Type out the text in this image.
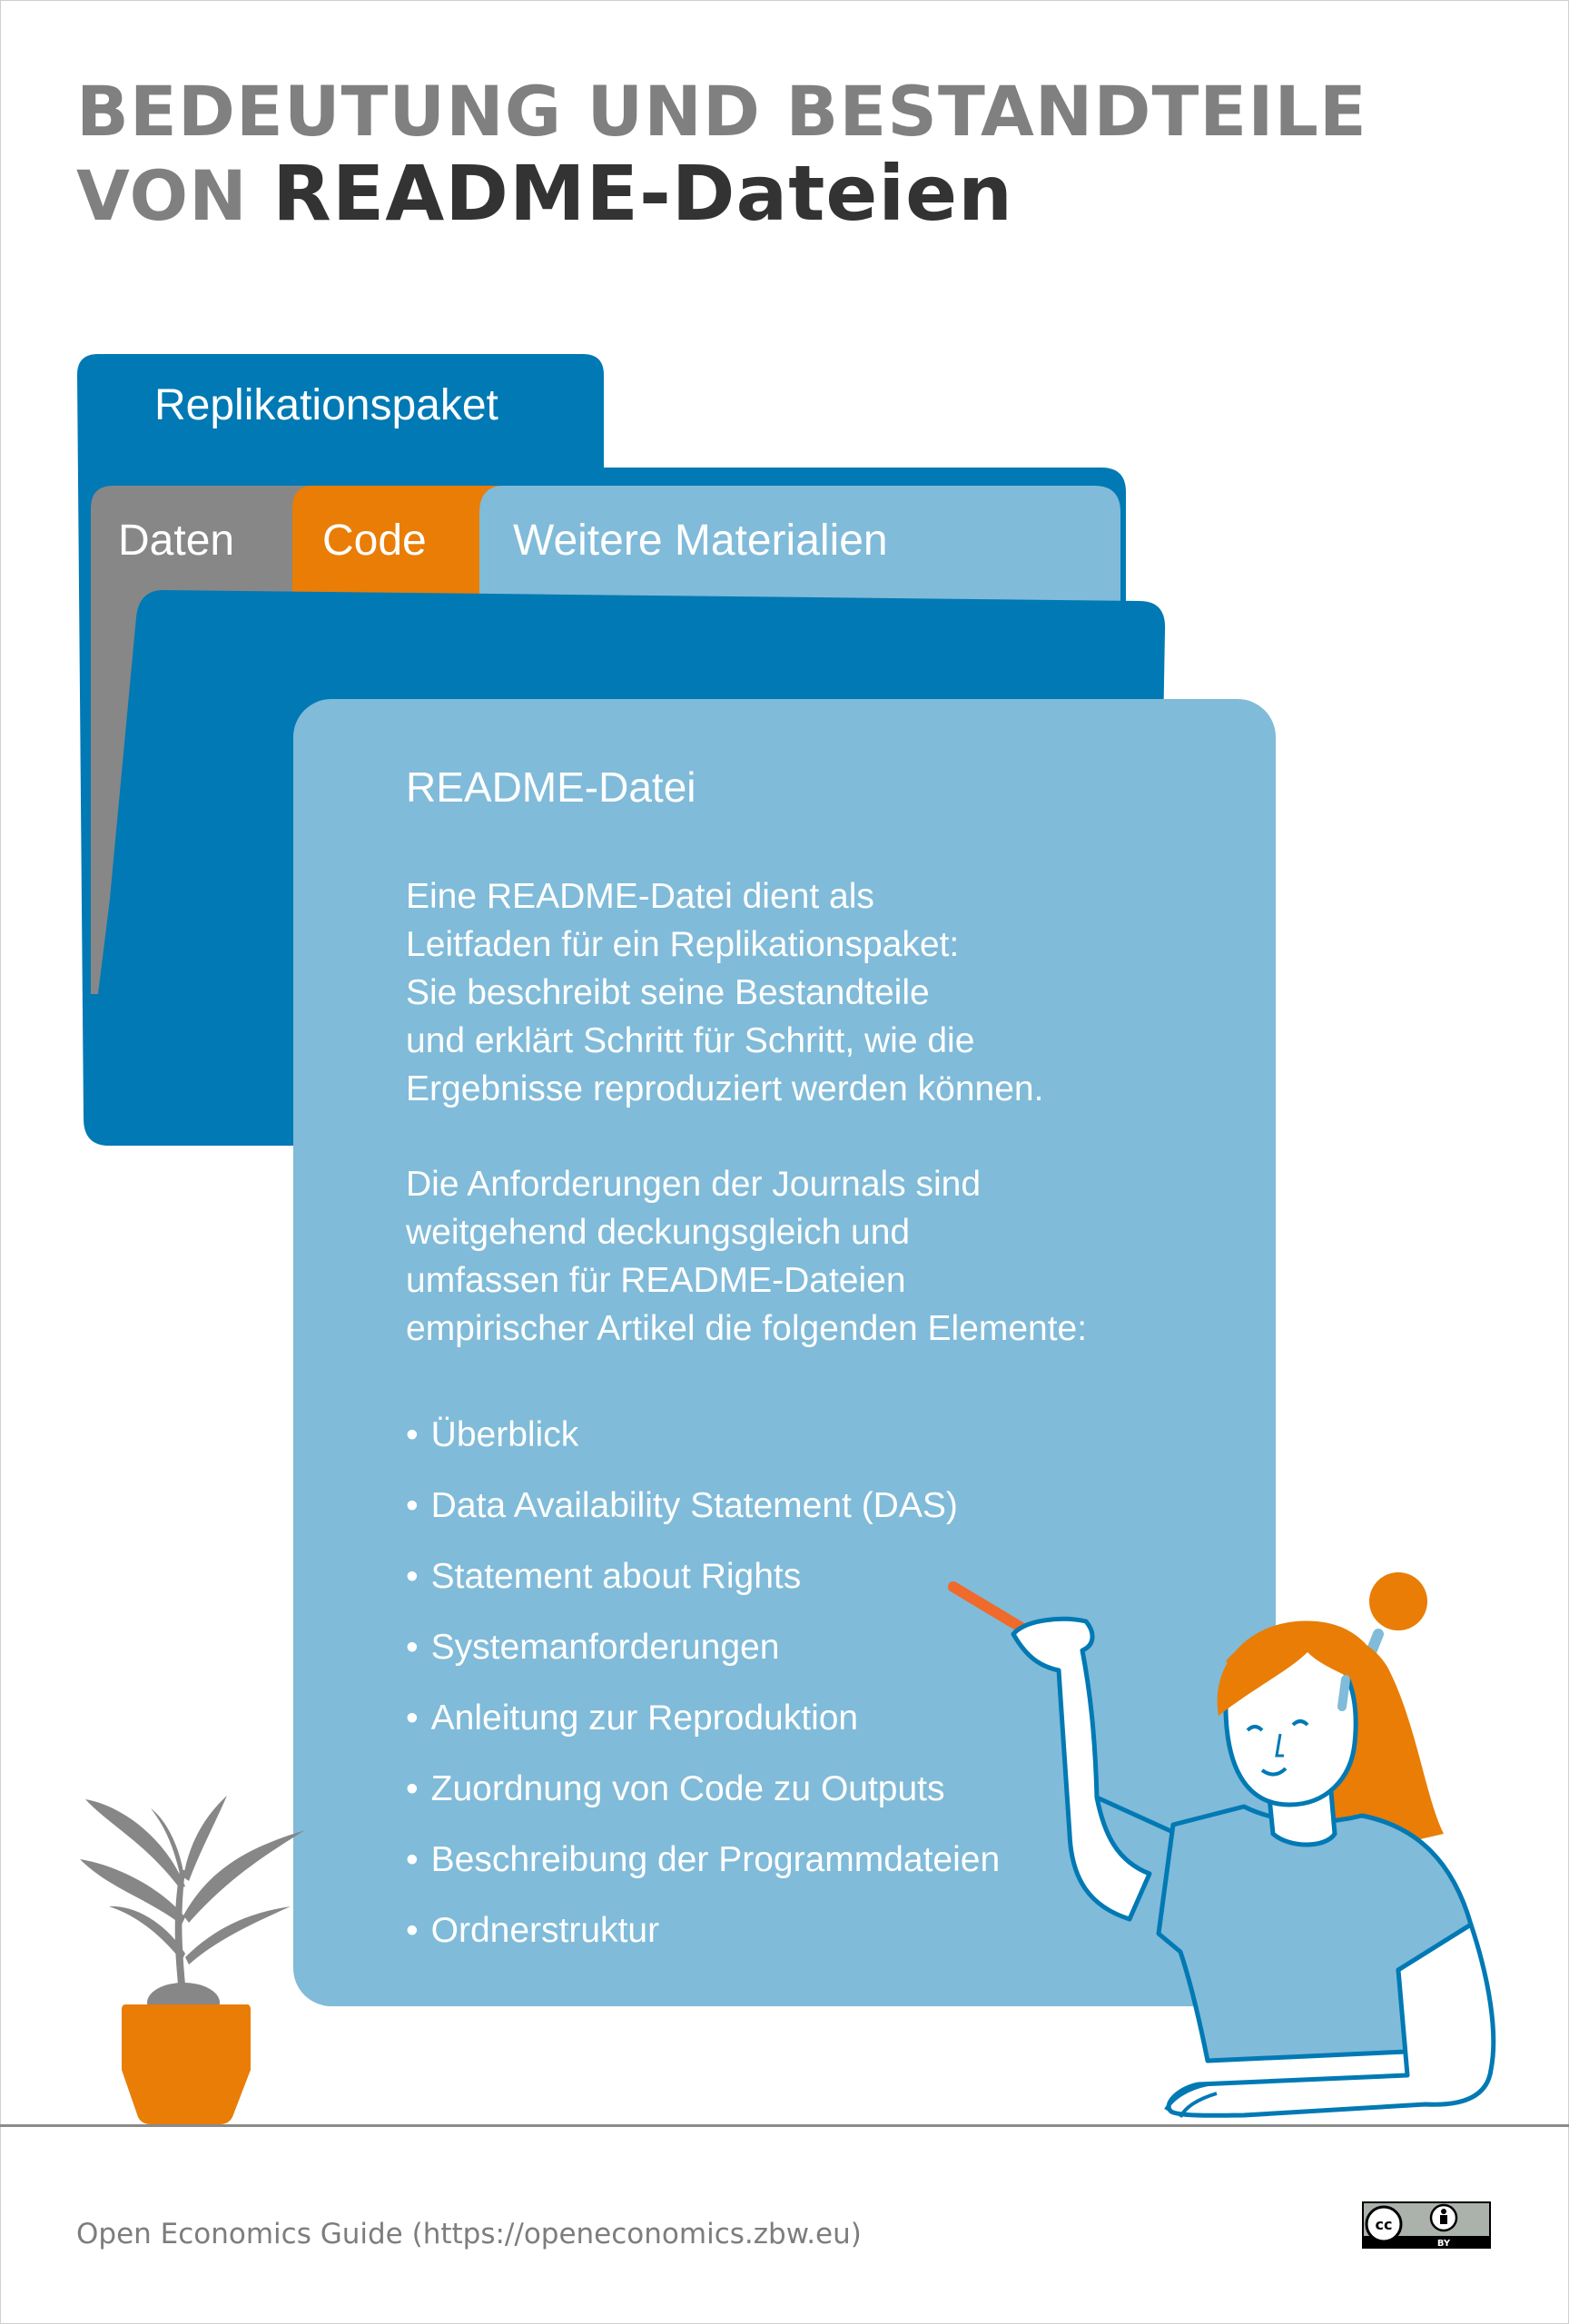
BEDEUTUNG UND BESTANDTEILE
VON README-Dateien
Replikationspaket
Daten Code Weitere Materialien
README-Datei

Eine README-Datei dient als
Leitfaden für ein Replikationspaket:
Sie beschreibt seine Bestandteile
und erklärt Schritt für Schritt, wie die
Ergebnisse reproduziert werden können.

Die Anforderungen der Journals sind
weitgehend deckungsgleich und
umfassen für README-Dateien
empirischer Artikel die folgenden Elemente:

• Überblick
• Data Availability Statement (DAS)
• Statement about Rights
• Systemanforderungen
• Anleitung zur Reproduktion
• Zuordnung von Code zu Outputs
• Beschreibung der Programmdateien
• Ordnerstruktur
Open Economics Guide (https://openeconomics.zbw.eu)	cc
BY
